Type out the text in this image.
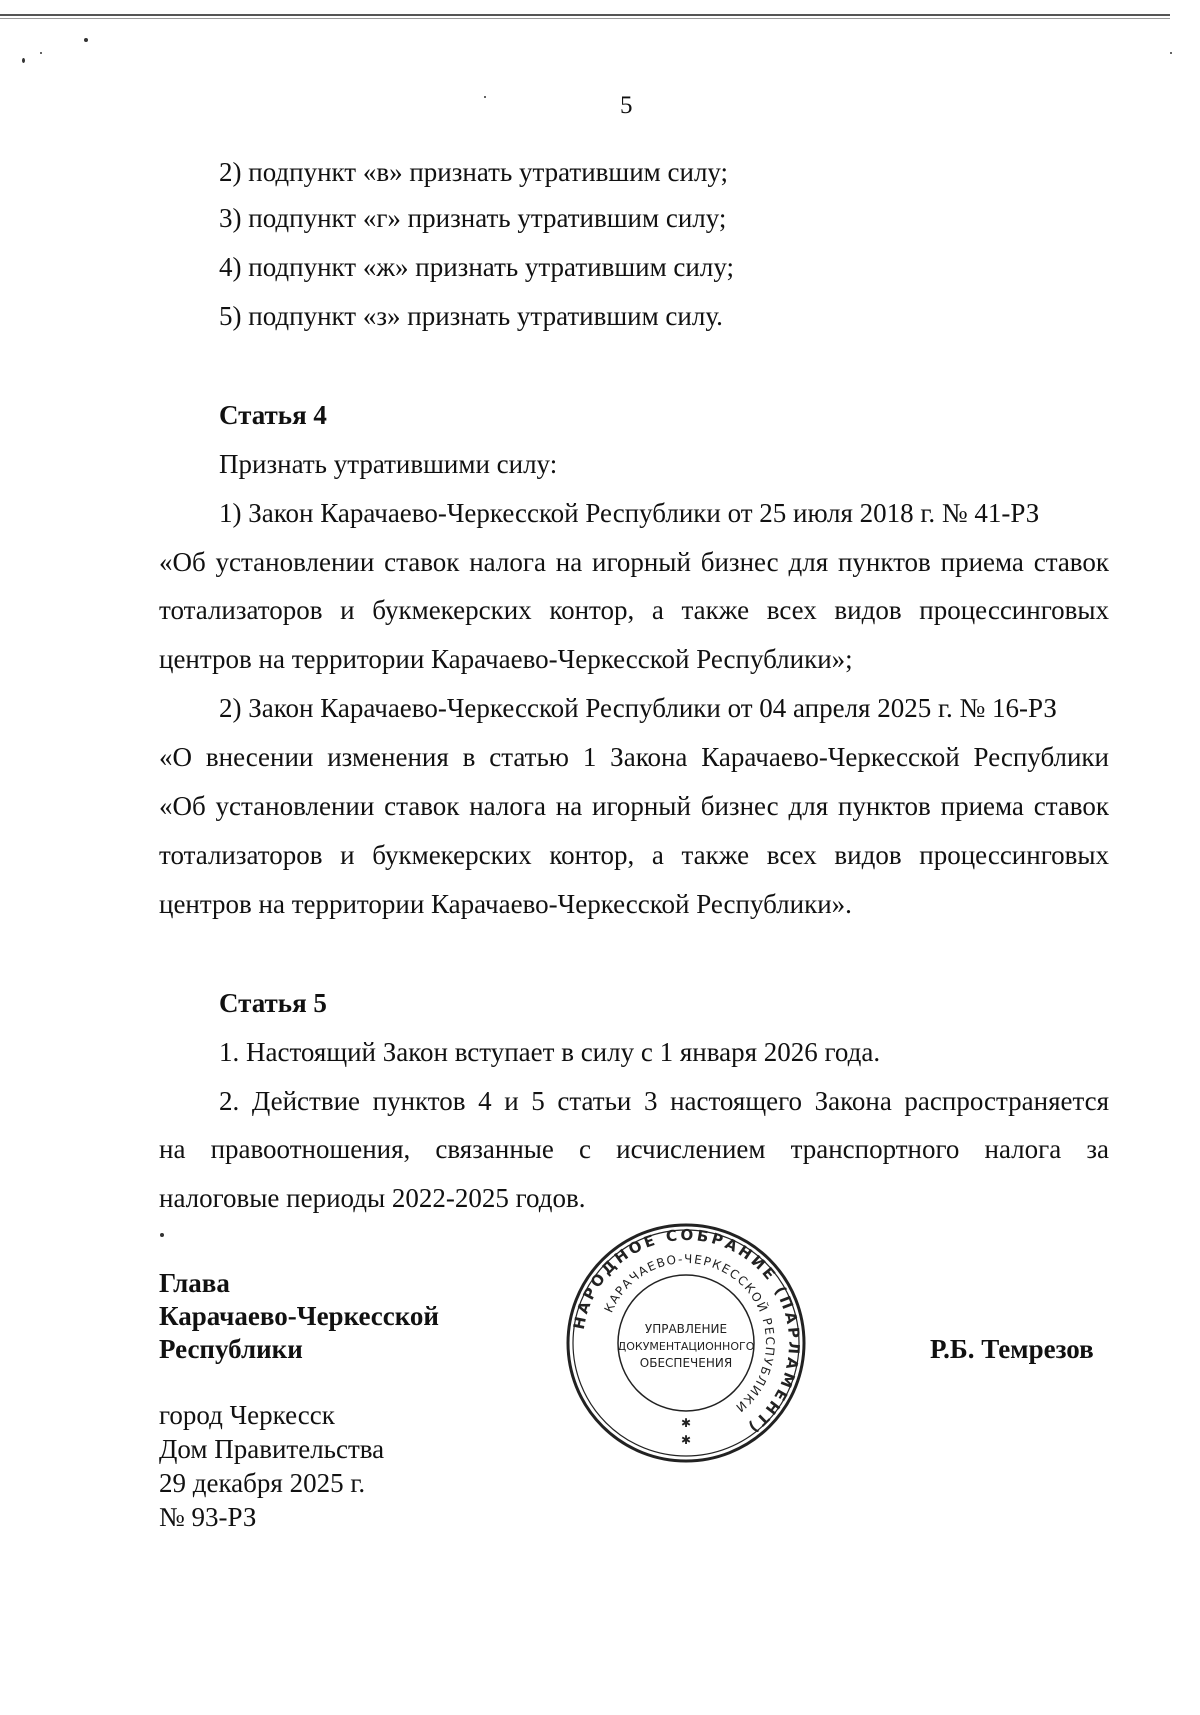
5
2) подпункт «в» признать утратившим силу;
3) подпункт «г» признать утратившим силу;
4) подпункт «ж» признать утратившим силу;
5) подпункт «з» признать утратившим силу.
Статья 4
Признать утратившими силу:
1) Закон Карачаево-Черкесской Республики от 25 июля 2018 г. № 41-РЗ
«Об установлении ставок налога на игорный бизнес для пунктов приема ставок
тотализаторов и букмекерских контор, а также всех видов процессинговых
центров на территории Карачаево-Черкесской Республики»;
2) Закон Карачаево-Черкесской Республики от 04 апреля 2025 г. № 16-РЗ
«О внесении изменения в статью 1 Закона Карачаево-Черкесской Республики
«Об установлении ставок налога на игорный бизнес для пунктов приема ставок
тотализаторов и букмекерских контор, а также всех видов процессинговых
центров на территории Карачаево-Черкесской Республики».
Статья 5
1. Настоящий Закон вступает в силу с 1 января 2026 года.
2. Действие пунктов 4 и 5 статьи 3 настоящего Закона распространяется
на правоотношения, связанные с исчислением транспортного налога за
налоговые периоды 2022-2025 годов.
Глава
Карачаево-Черкесской
Республики	Р.Б. Темрезов
город Черкесск
Дом Правительства
29 декабря 2025 г.
№ 93-РЗ
НАРОДНОЕ СОБРАНИЕ (ПАРЛАМЕНТ)
КАРАЧАЕВО-ЧЕРКЕССКОЙ РЕСПУБЛИКИ
УПРАВЛЕНИЕ
ДОКУМЕНТАЦИОННОГО
ОБЕСПЕЧЕНИЯ
✱
✱
